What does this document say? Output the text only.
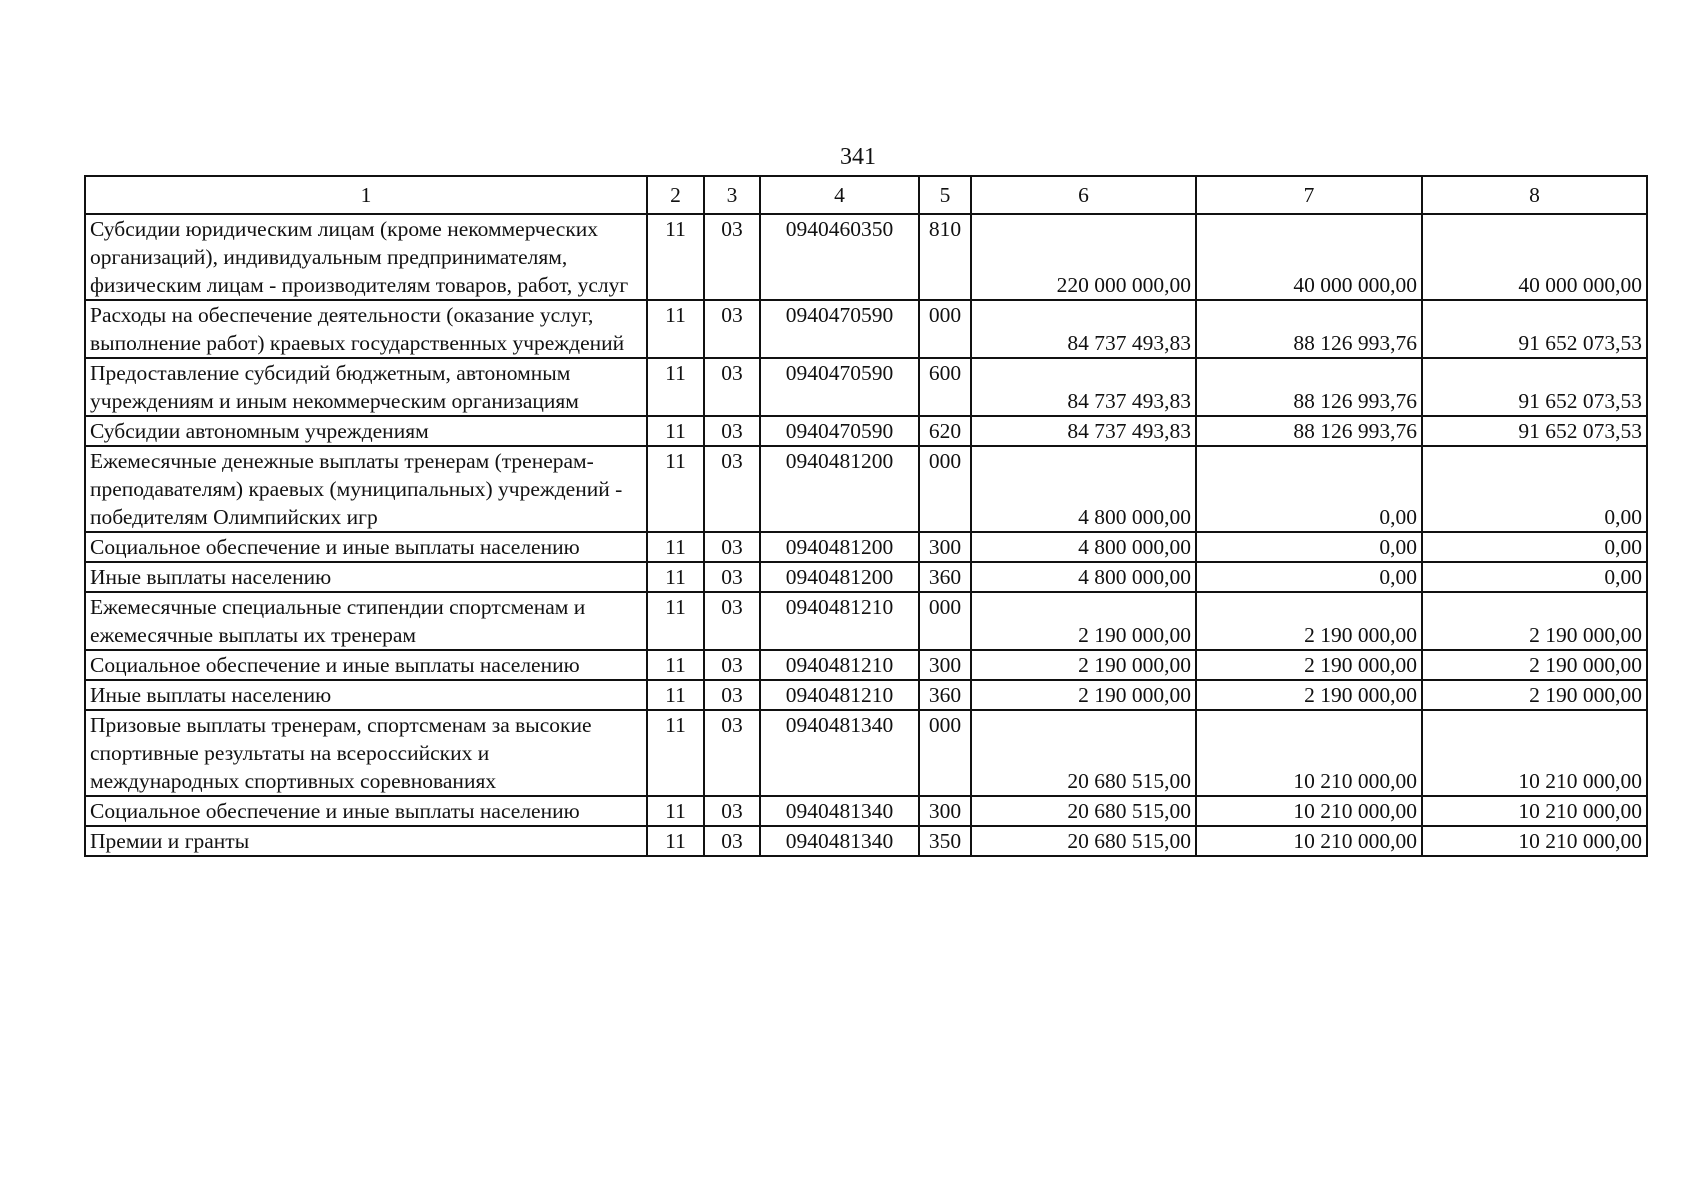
341
1	2	3	4	5	6	7	8
Субсидии юридическим лицам (кроме некоммерческих организаций), индивидуальным предпринимателям, физическим лицам - производителям товаров, работ, услуг	11	03	0940460350	810	220 000 000,00	40 000 000,00	40 000 000,00
Расходы на обеспечение деятельности (оказание услуг, выполнение работ) краевых государственных учреждений	11	03	0940470590	000	84 737 493,83	88 126 993,76	91 652 073,53
Предоставление субсидий бюджетным, автономным учреждениям и иным некоммерческим организациям	11	03	0940470590	600	84 737 493,83	88 126 993,76	91 652 073,53
Субсидии автономным учреждениям	11	03	0940470590	620	84 737 493,83	88 126 993,76	91 652 073,53
Ежемесячные денежные выплаты тренерам (тренерам-преподавателям) краевых (муниципальных) учреждений - победителям Олимпийских игр	11	03	0940481200	000	4 800 000,00	0,00	0,00
Социальное обеспечение и иные выплаты населению	11	03	0940481200	300	4 800 000,00	0,00	0,00
Иные выплаты населению	11	03	0940481200	360	4 800 000,00	0,00	0,00
Ежемесячные специальные стипендии спортсменам и ежемесячные выплаты их тренерам	11	03	0940481210	000	2 190 000,00	2 190 000,00	2 190 000,00
Социальное обеспечение и иные выплаты населению	11	03	0940481210	300	2 190 000,00	2 190 000,00	2 190 000,00
Иные выплаты населению	11	03	0940481210	360	2 190 000,00	2 190 000,00	2 190 000,00
Призовые выплаты тренерам, спортсменам за высокие спортивные результаты на всероссийских и международных спортивных соревнованиях	11	03	0940481340	000	20 680 515,00	10 210 000,00	10 210 000,00
Социальное обеспечение и иные выплаты населению	11	03	0940481340	300	20 680 515,00	10 210 000,00	10 210 000,00
Премии и гранты	11	03	0940481340	350	20 680 515,00	10 210 000,00	10 210 000,00
